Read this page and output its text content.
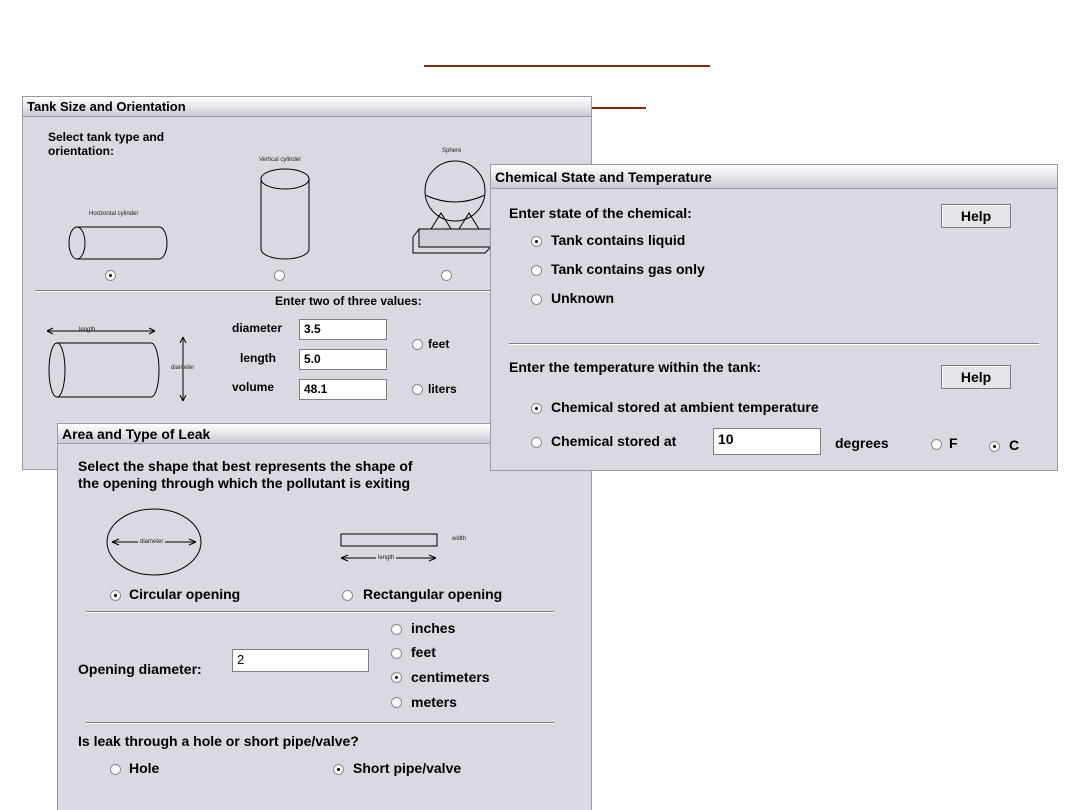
Tank Size and Orientation
Select tank type and
orientation:
Horizontal cylinder
Vertical cylinder
Sphere
Enter two of three values:
length
diameter
diameter	3.5
length	5.0
volume	48.1
feet
liters
Area and Type of Leak
Select the shape that best represents the shape of
the opening through which the pollutant is exiting
diameter	width
length
Circular opening	Rectangular opening
inches
feet
centimeters
meters
Opening diameter:
2
Is leak through a hole or short pipe/valve?
Hole	Short pipe/valve
Chemical State and Temperature
Enter state of the chemical:	Help
Tank contains liquid
Tank contains gas only
Unknown
Enter the temperature within the tank:
Help
Chemical stored at ambient temperature
Chemical stored at	10	degrees	F	C
